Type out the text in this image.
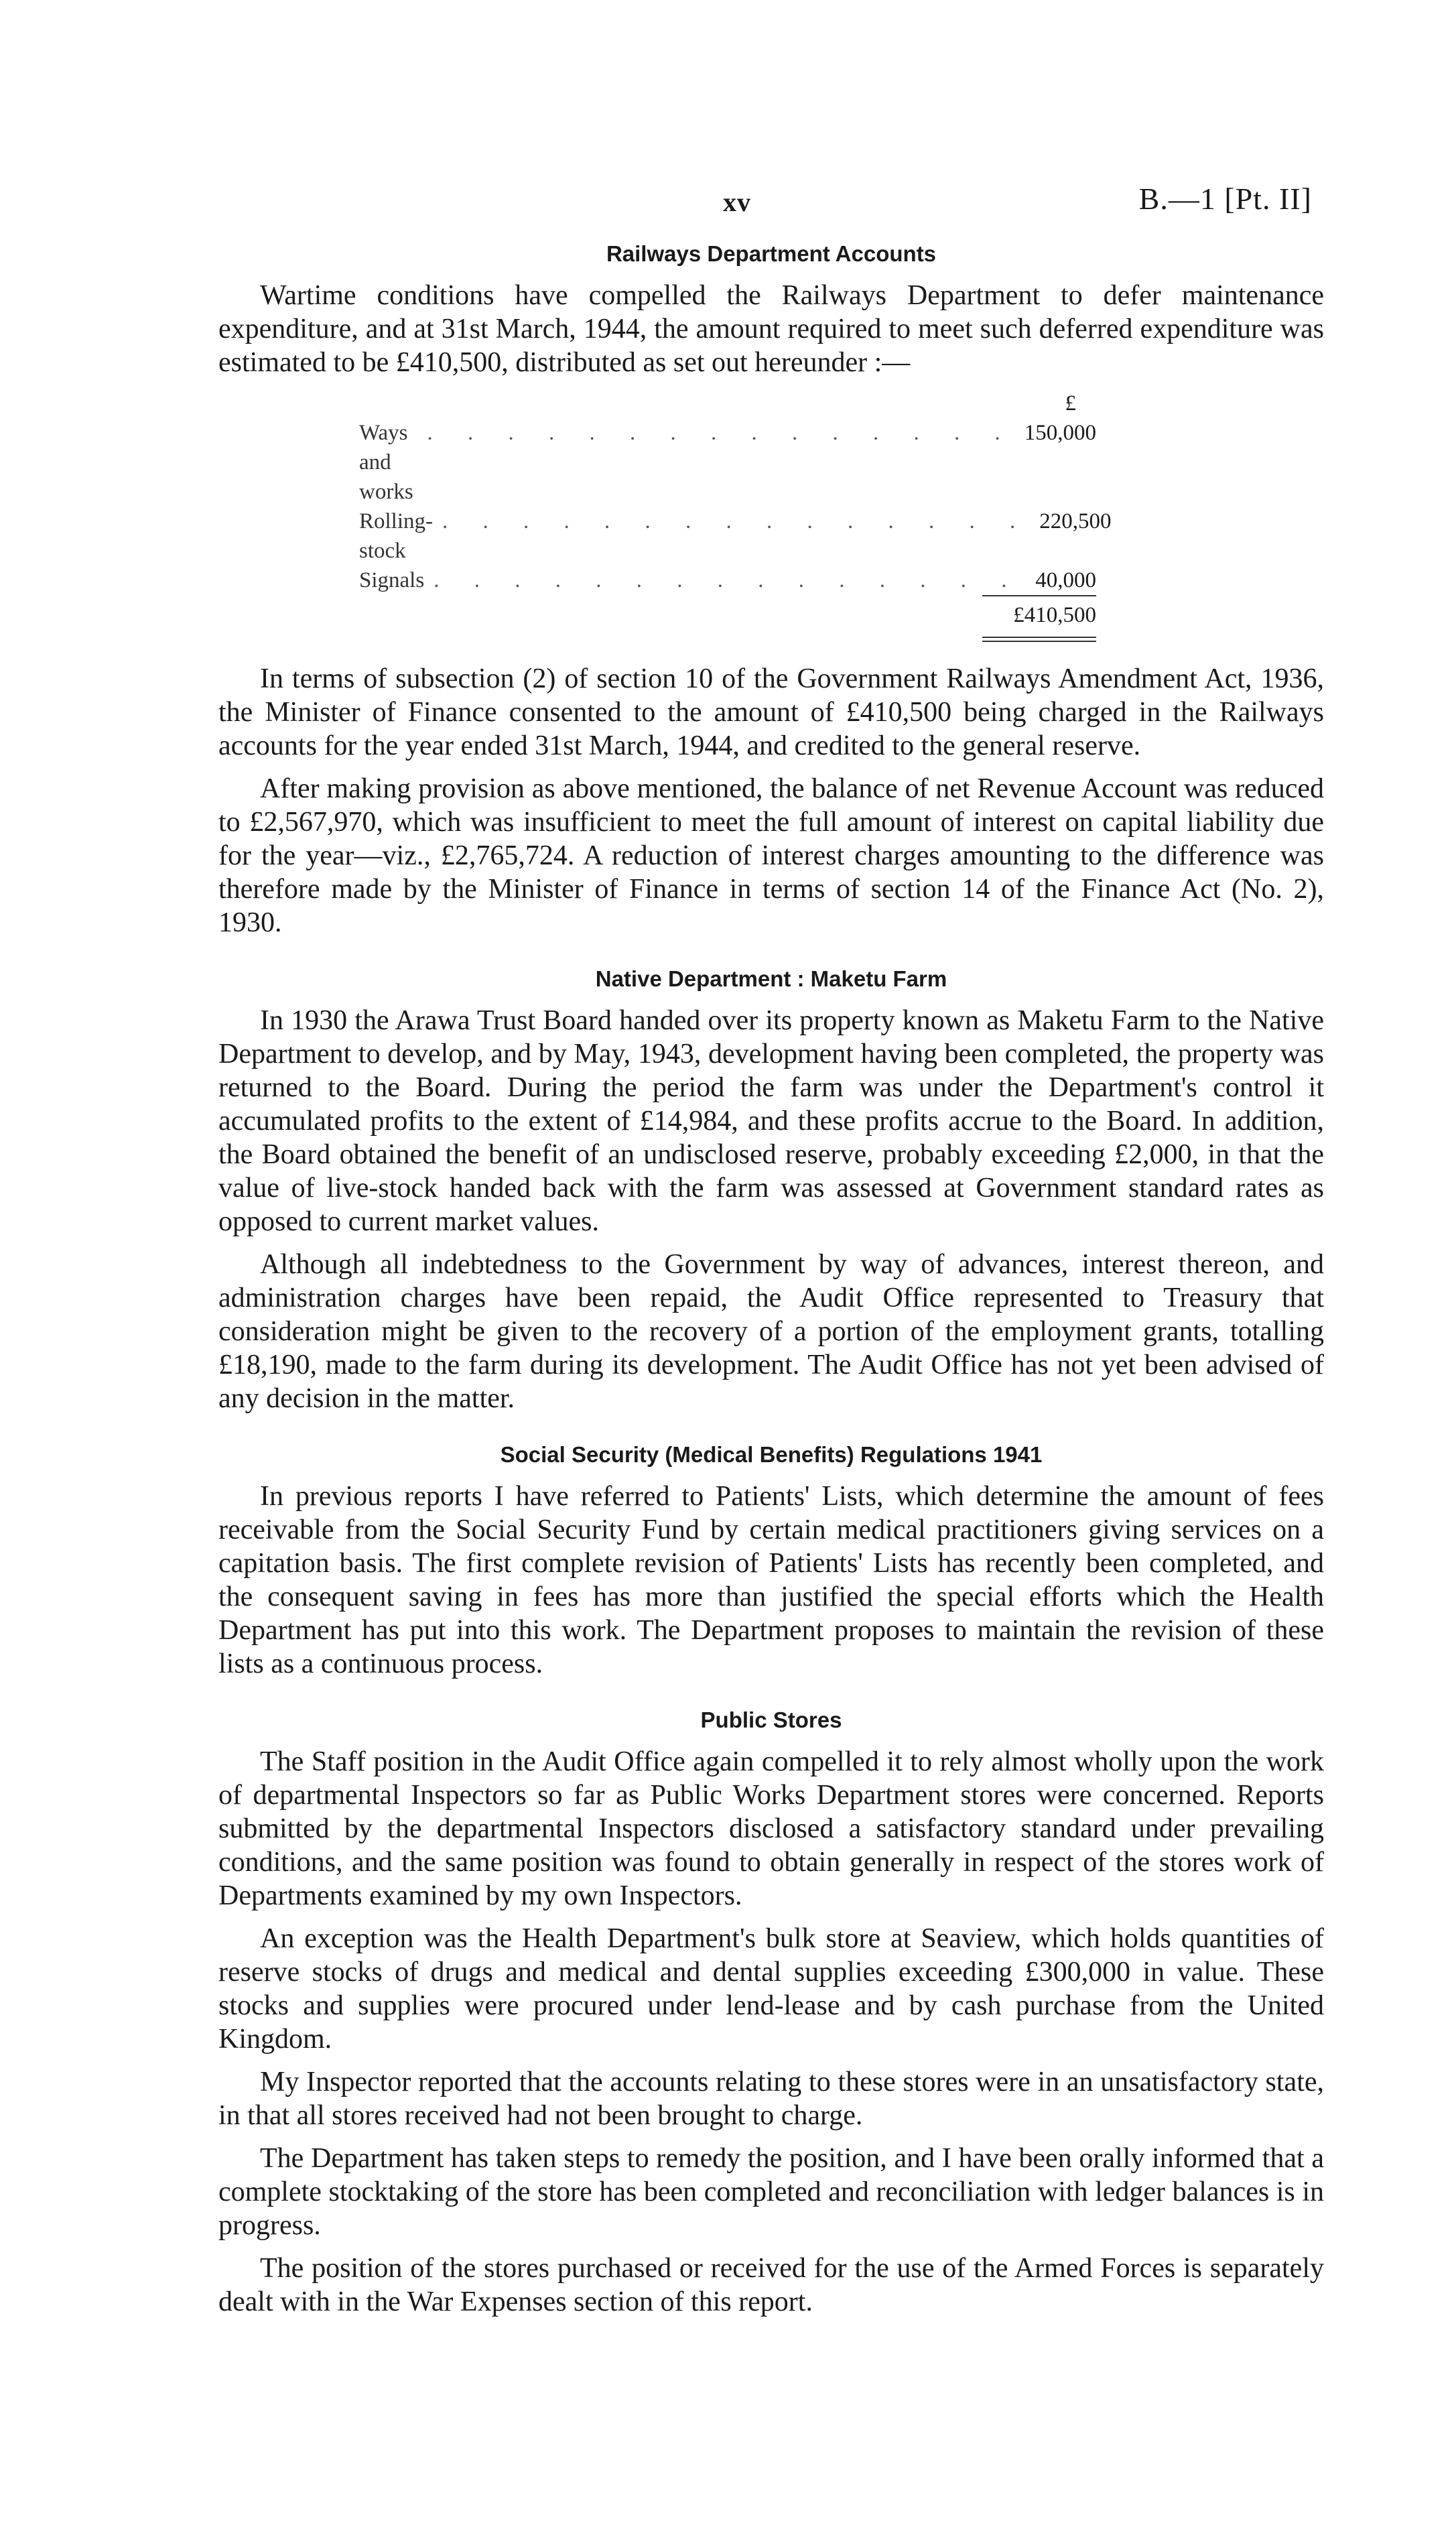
xv	B.—1 [Pt. II]
Railways Department Accounts

Wartime conditions have compelled the Railways Department to defer maintenance expenditure, and at 31st March, 1944, the amount required to meet such deferred expenditure was estimated to be £410,500, distributed as set out hereunder :—

£
Ways and works
. . . . . . . . . . . . . . . 150,000
Rolling-stock
. . . . . . . . . . . . . . . 220,500
Signals . . . . . . . . . . . . . . . 40,000
£410,500

In terms of subsection (2) of section 10 of the Government Railways Amendment Act, 1936, the Minister of Finance consented to the amount of £410,500 being charged in the Railways accounts for the year ended 31st March, 1944, and credited to the general reserve.

After making provision as above mentioned, the balance of net Revenue Account was reduced to £2,567,970, which was insufficient to meet the full amount of interest on capital liability due for the year—viz., £2,765,724. A reduction of interest charges amounting to the difference was therefore made by the Minister of Finance in terms of section 14 of the Finance Act (No. 2), 1930.

Native Department : Maketu Farm

In 1930 the Arawa Trust Board handed over its property known as Maketu Farm to the Native Department to develop, and by May, 1943, development having been completed, the property was returned to the Board. During the period the farm was under the Department's control it accumulated profits to the extent of £14,984, and these profits accrue to the Board. In addition, the Board obtained the benefit of an undisclosed reserve, probably exceeding £2,000, in that the value of live-stock handed back with the farm was assessed at Government standard rates as opposed to current market values.

Although all indebtedness to the Government by way of advances, interest thereon, and administration charges have been repaid, the Audit Office represented to Treasury that consideration might be given to the recovery of a portion of the employment grants, totalling £18,190, made to the farm during its development. The Audit Office has not yet been advised of any decision in the matter.

Social Security (Medical Benefits) Regulations 1941

In previous reports I have referred to Patients' Lists, which determine the amount of fees receivable from the Social Security Fund by certain medical practitioners giving services on a capitation basis. The first complete revision of Patients' Lists has recently been completed, and the consequent saving in fees has more than justified the special efforts which the Health Department has put into this work. The Department proposes to maintain the revision of these lists as a continuous process.

Public Stores

The Staff position in the Audit Office again compelled it to rely almost wholly upon the work of departmental Inspectors so far as Public Works Department stores were concerned. Reports submitted by the departmental Inspectors disclosed a satisfactory standard under prevailing conditions, and the same position was found to obtain generally in respect of the stores work of Departments examined by my own Inspectors.

An exception was the Health Department's bulk store at Seaview, which holds quantities of reserve stocks of drugs and medical and dental supplies exceeding £300,000 in value. These stocks and supplies were procured under lend-lease and by cash purchase from the United Kingdom.

My Inspector reported that the accounts relating to these stores were in an unsatisfactory state, in that all stores received had not been brought to charge.

The Department has taken steps to remedy the position, and I have been orally informed that a complete stocktaking of the store has been completed and reconciliation with ledger balances is in progress.

The position of the stores purchased or received for the use of the Armed Forces is separately dealt with in the War Expenses section of this report.
